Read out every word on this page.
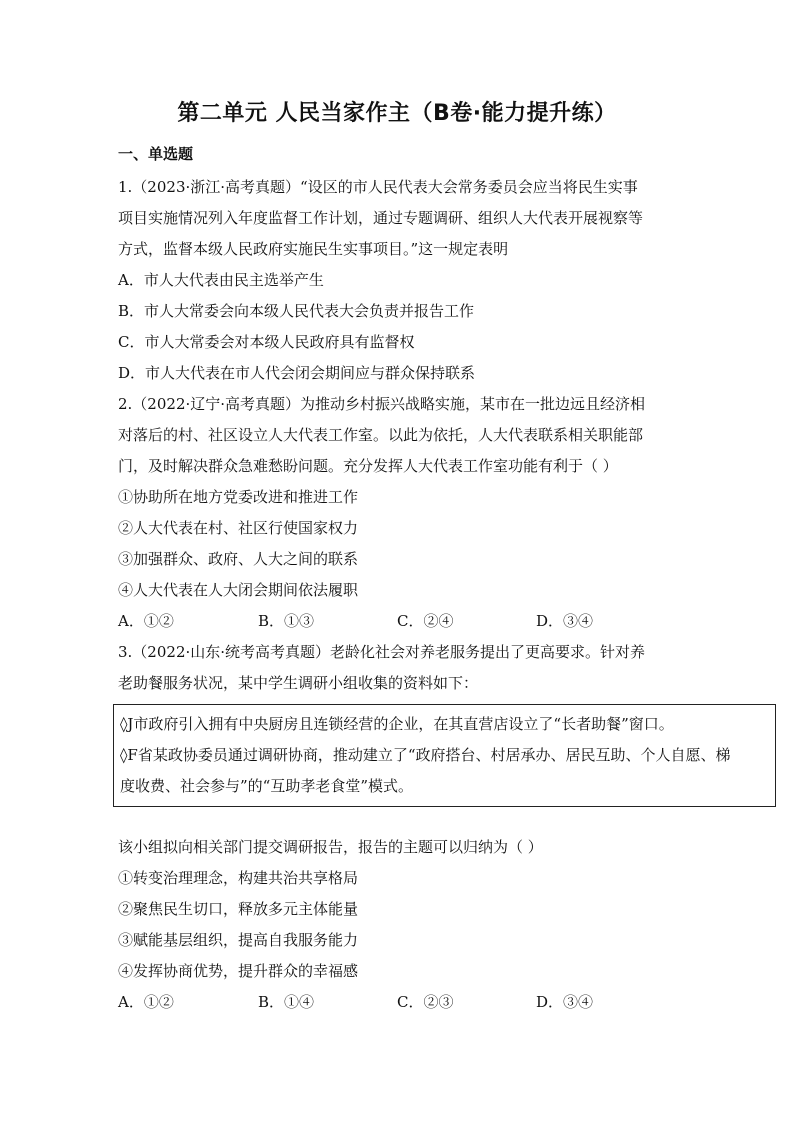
第二单元 人民当家作主（B卷·能力提升练）
一、单选题
1.（2023·浙江·高考真题）“设区的市人民代表大会常务委员会应当将民生实事
项目实施情况列入年度监督工作计划，通过专题调研、组织人大代表开展视察等
方式，监督本级人民政府实施民生实事项目。”这一规定表明
A．市人大代表由民主选举产生
B．市人大常委会向本级人民代表大会负责并报告工作
C．市人大常委会对本级人民政府具有监督权
D．市人大代表在市人代会闭会期间应与群众保持联系
2.（2022·辽宁·高考真题）为推动乡村振兴战略实施，某市在一批边远且经济相
对落后的村、社区设立人大代表工作室。以此为依托，人大代表联系相关职能部
门，及时解决群众急难愁盼问题。充分发挥人大代表工作室功能有利于（ ）
①协助所在地方党委改进和推进工作
②人大代表在村、社区行使国家权力
③加强群众、政府、人大之间的联系
④人大代表在人大闭会期间依法履职
A．①②	B．①③	C．②④	D．③④
3.（2022·山东·统考高考真题）老龄化社会对养老服务提出了更高要求。针对养
老助餐服务状况，某中学生调研小组收集的资料如下：
◊J市政府引入拥有中央厨房且连锁经营的企业，在其直营店设立了“长者助餐”窗口。
◊F省某政协委员通过调研协商，推动建立了“政府搭台、村居承办、居民互助、个人自愿、梯
度收费、社会参与”的“互助孝老食堂”模式。
该小组拟向相关部门提交调研报告，报告的主题可以归纳为（ ）
①转变治理理念，构建共治共享格局
②聚焦民生切口，释放多元主体能量
③赋能基层组织，提高自我服务能力
④发挥协商优势，提升群众的幸福感
A．①②	B．①④	C．②③	D．③④
